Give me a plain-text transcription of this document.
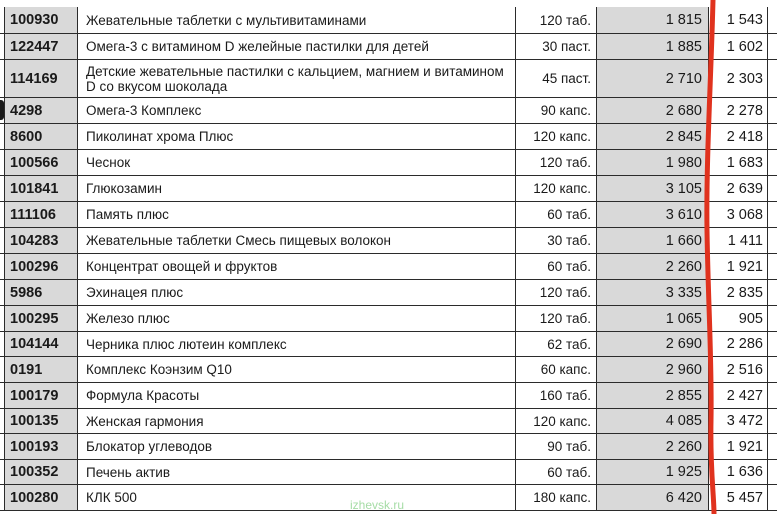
100930	Жевательные таблетки с мультивитаминами	120 таб.	1 815	1 543
122447	Омега-3 с витамином D желейные пастилки для детей	30 паст.	1 885	1 602
114169	Детские жевательные пастилки с кальцием, магнием и витамином D со вкусом шоколада	45 паст.	2 710	2 303
4298	Омега-3 Комплекс	90 капс.	2 680	2 278
8600	Пиколинат хрома Плюс	120 капс.	2 845	2 418
100566	Чеснок	120 таб.	1 980	1 683
101841	Глюкозамин	120 капс.	3 105	2 639
111106	Память плюс	60 таб.	3 610	3 068
104283	Жевательные таблетки Смесь пищевых волокон	30 таб.	1 660	1 411
100296	Концентрат овощей и фруктов	60 таб.	2 260	1 921
5986	Эхинацея плюс	120 таб.	3 335	2 835
100295	Железо плюс	120 таб.	1 065	905
104144	Черника плюс лютеин комплекс	62 таб.	2 690	2 286
0191	Комплекс Коэнзим Q10	60 капс.	2 960	2 516
100179	Формула Красоты	160 таб.	2 855	2 427
100135	Женская гармония	120 капс.	4 085	3 472
100193	Блокатор углеводов	90 таб.	2 260	1 921
100352	Печень актив	60 таб.	1 925	1 636
100280	КЛК 500	180 капс.	6 420	5 457
izhevsk.ru
